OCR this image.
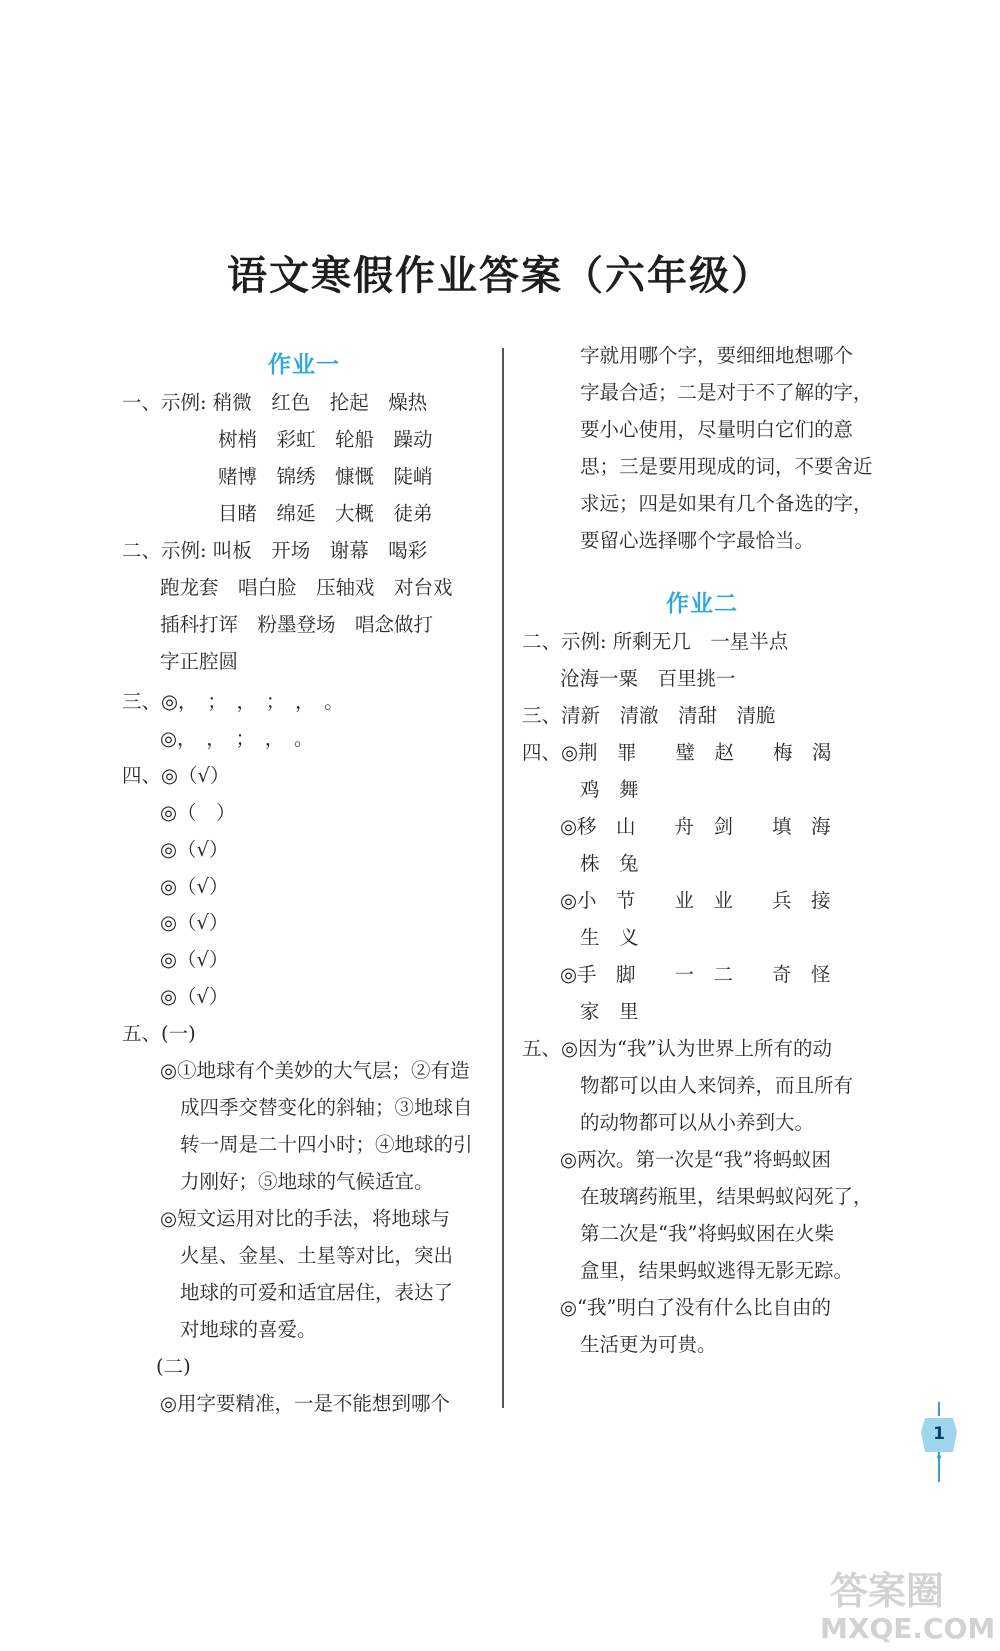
语文寒假作业答案（六年级）
作业一
一、示例: 稍微　红色　抡起　燥热
树梢　彩虹　轮船　躁动
赌博　锦绣　慷慨　陡峭
目睹　绵延　大概　徒弟
二、示例: 叫板　开场　谢幕　喝彩
跑龙套　唱白脸　压轴戏　对台戏
插科打诨　粉墨登场　唱念做打
字正腔圆
三、◎，　；　，　；　，　。
◎，　，　；　，　。
四、◎（√）
◎（　）
◎（√）
◎（√）
◎（√）
◎（√）
◎（√）
五、(一)
◎①地球有个美妙的大气层；②有造
成四季交替变化的斜轴；③地球自
转一周是二十四小时；④地球的引
力刚好；⑤地球的气候适宜。
◎短文运用对比的手法，将地球与
火星、金星、土星等对比，突出
地球的可爱和适宜居住，表达了
对地球的喜爱。
(二)
◎用字要精准，一是不能想到哪个
字就用哪个字，要细细地想哪个
字最合适；二是对于不了解的字，
要小心使用，尽量明白它们的意
思；三是要用现成的词，不要舍近
求远；四是如果有几个备选的字，
要留心选择哪个字最恰当。
作业二
二、示例: 所剩无几　一星半点
沧海一粟　百里挑一
三、清新　清澈　清甜　清脆
四、◎荆　罪　　璧　赵　　梅　渴
鸡　舞
◎移　山　　舟　剑　　填　海
株　兔
◎小　节　　业　业　　兵　接
生　义
◎手　脚　　一　二　　奇　怪
家　里
五、◎因为“我”认为世界上所有的动
物都可以由人来饲养，而且所有
的动物都可以从小养到大。
◎两次。第一次是“我”将蚂蚁困
在玻璃药瓶里，结果蚂蚁闷死了，
第二次是“我”将蚂蚁困在火柴
盒里，结果蚂蚁逃得无影无踪。
◎“我”明白了没有什么比自由的
生活更为可贵。
1
答案圈
MXQE.COM
